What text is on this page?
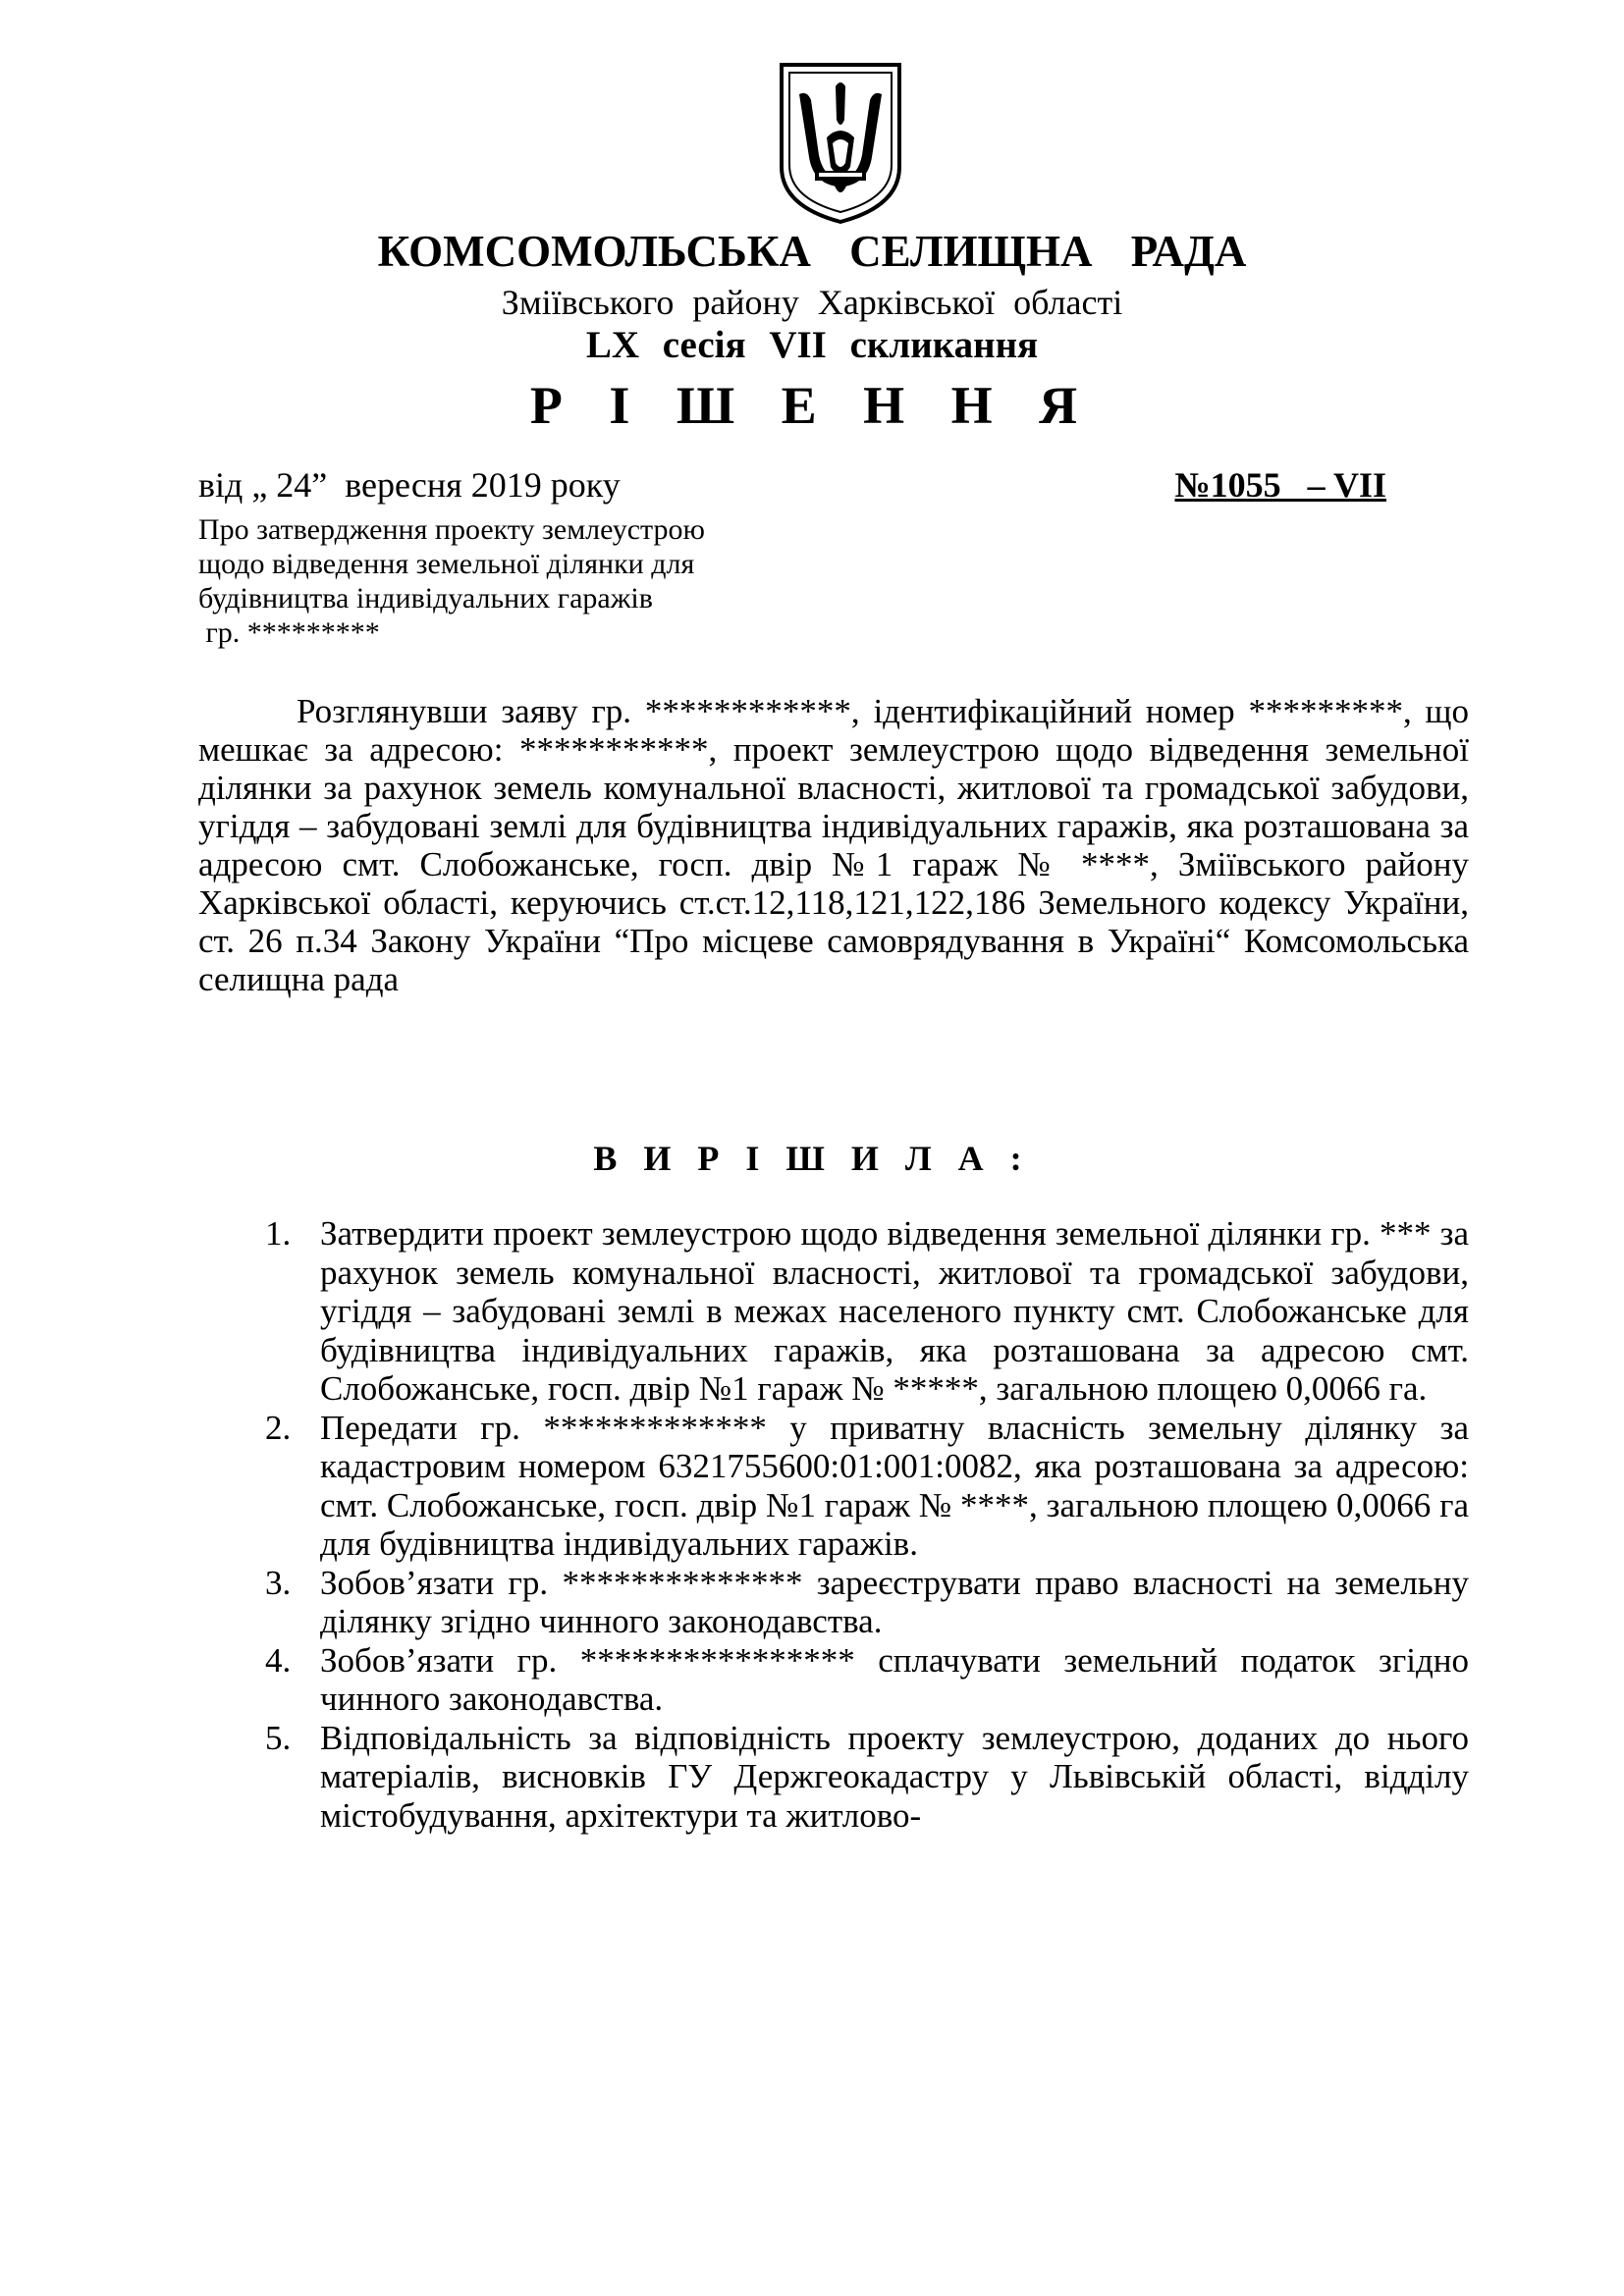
КОМСОМОЛЬСЬКА СЕЛИЩНА РАДА
Зміївського району Харківської області
LX сесія VII скликання
Р І Ш Е Н Н Я
від „ 24”  вересня 2019 року	№1055   – VII
Про затвердження проекту землеустрою
щодо відведення земельної ділянки для
будівництва індивідуальних гаражів
гр. *********

Розглянувши заяву гр. ************, ідентифікаційний номер *********, що мешкає за адресою: ***********, проект землеустрою щодо відведення земельної ділянки за рахунок земель комунальної власності, житлової та громадської забудови, угіддя – забудовані землі для будівництва індивідуальних гаражів, яка розташована за адресою смт. Слобожанське, госп. двір №1 гараж № ****, Зміївського району Харківської області, керуючись ст.ст.12,118,121,122,186 Земельного кодексу України, ст. 26 п.34 Закону України “Про місцеве самоврядування в Україні“ Комсомольська селищна рада

В И Р І Ш И Л А :
1. Затвердити проект землеустрою щодо відведення земельної ділянки гр. *** за рахунок земель комунальної власності, житлової та громадської забудови, угіддя – забудовані землі в межах населеного пункту смт. Слобожанське для будівництва індивідуальних гаражів, яка розташована за адресою смт. Слобожанське, госп. двір №1 гараж № *****, загальною площею 0,0066 га.
2. Передати гр. ************* у приватну власність земельну ділянку за кадастровим номером 6321755600:01:001:0082, яка розташована за адресою: смт. Слобожанське, госп. двір №1 гараж № ****, загальною площею 0,0066 га для будівництва індивідуальних гаражів.
3. Зобов’язати гр. ************** зареєструвати право власності на земельну ділянку згідно чинного законодавства.
4. Зобов’язати гр. **************** сплачувати земельний податок згідно чинного законодавства.
5. Відповідальність за відповідність проекту землеустрою, доданих до нього матеріалів, висновків ГУ Держгеокадастру у Львівській області, відділу містобудування, архітектури та житлово-
